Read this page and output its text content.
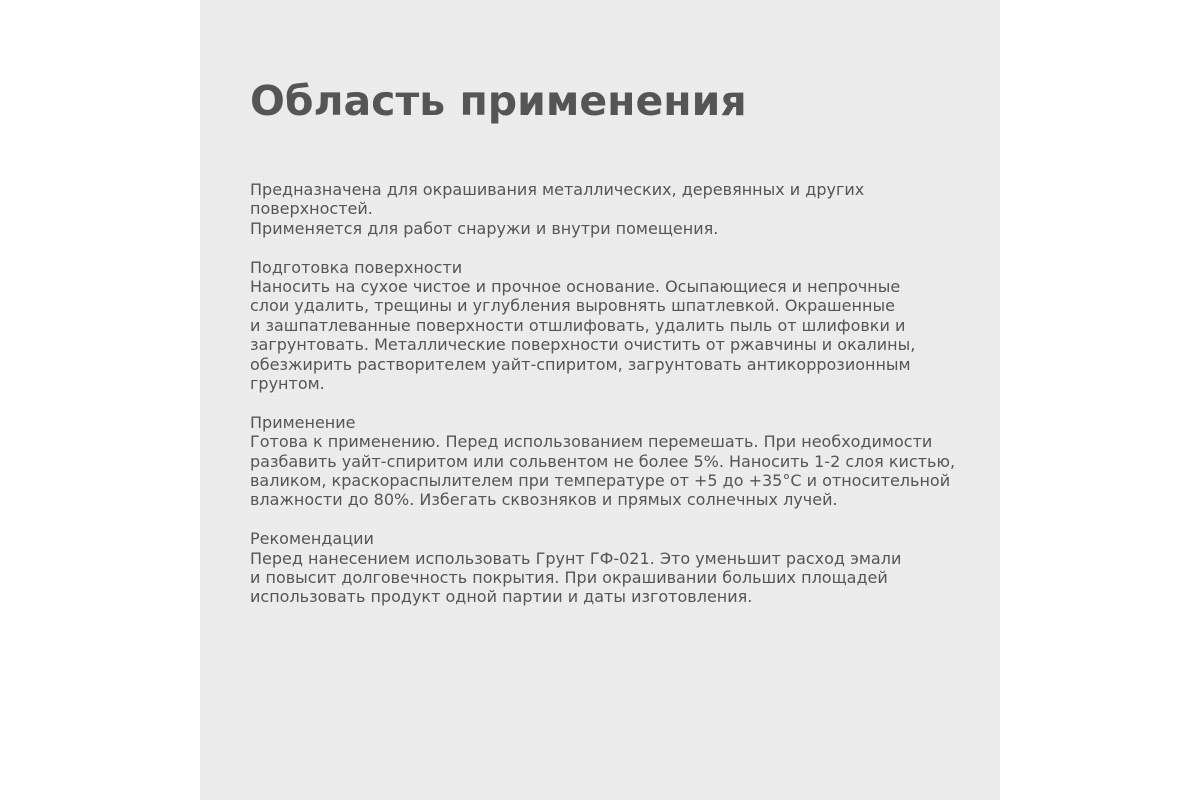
Область применения
Предназначена для окрашивания металлических, деревянных и других
поверхностей.
Применяется для работ снаружи и внутри помещения.
Подготовка поверхности
Наносить на сухое чистое и прочное основание. Осыпающиеся и непрочные
слои удалить, трещины и углубления выровнять шпатлевкой. Окрашенные
и зашпатлеванные поверхности отшлифовать, удалить пыль от шлифовки и
загрунтовать. Металлические поверхности очистить от ржавчины и окалины,
обезжирить растворителем уайт-спиритом, загрунтовать антикоррозионным
грунтом.
Применение
Готова к применению. Перед использованием перемешать. При необходимости
разбавить уайт-спиритом или сольвентом не более 5%. Наносить 1-2 слоя кистью,
валиком, краскораспылителем при температуре от +5 до +35°С и относительной
влажности до 80%. Избегать сквозняков и прямых солнечных лучей.
Рекомендации
Перед нанесением использовать Грунт ГФ-021. Это уменьшит расход эмали
и повысит долговечность покрытия. При окрашивании больших площадей
использовать продукт одной партии и даты изготовления.
